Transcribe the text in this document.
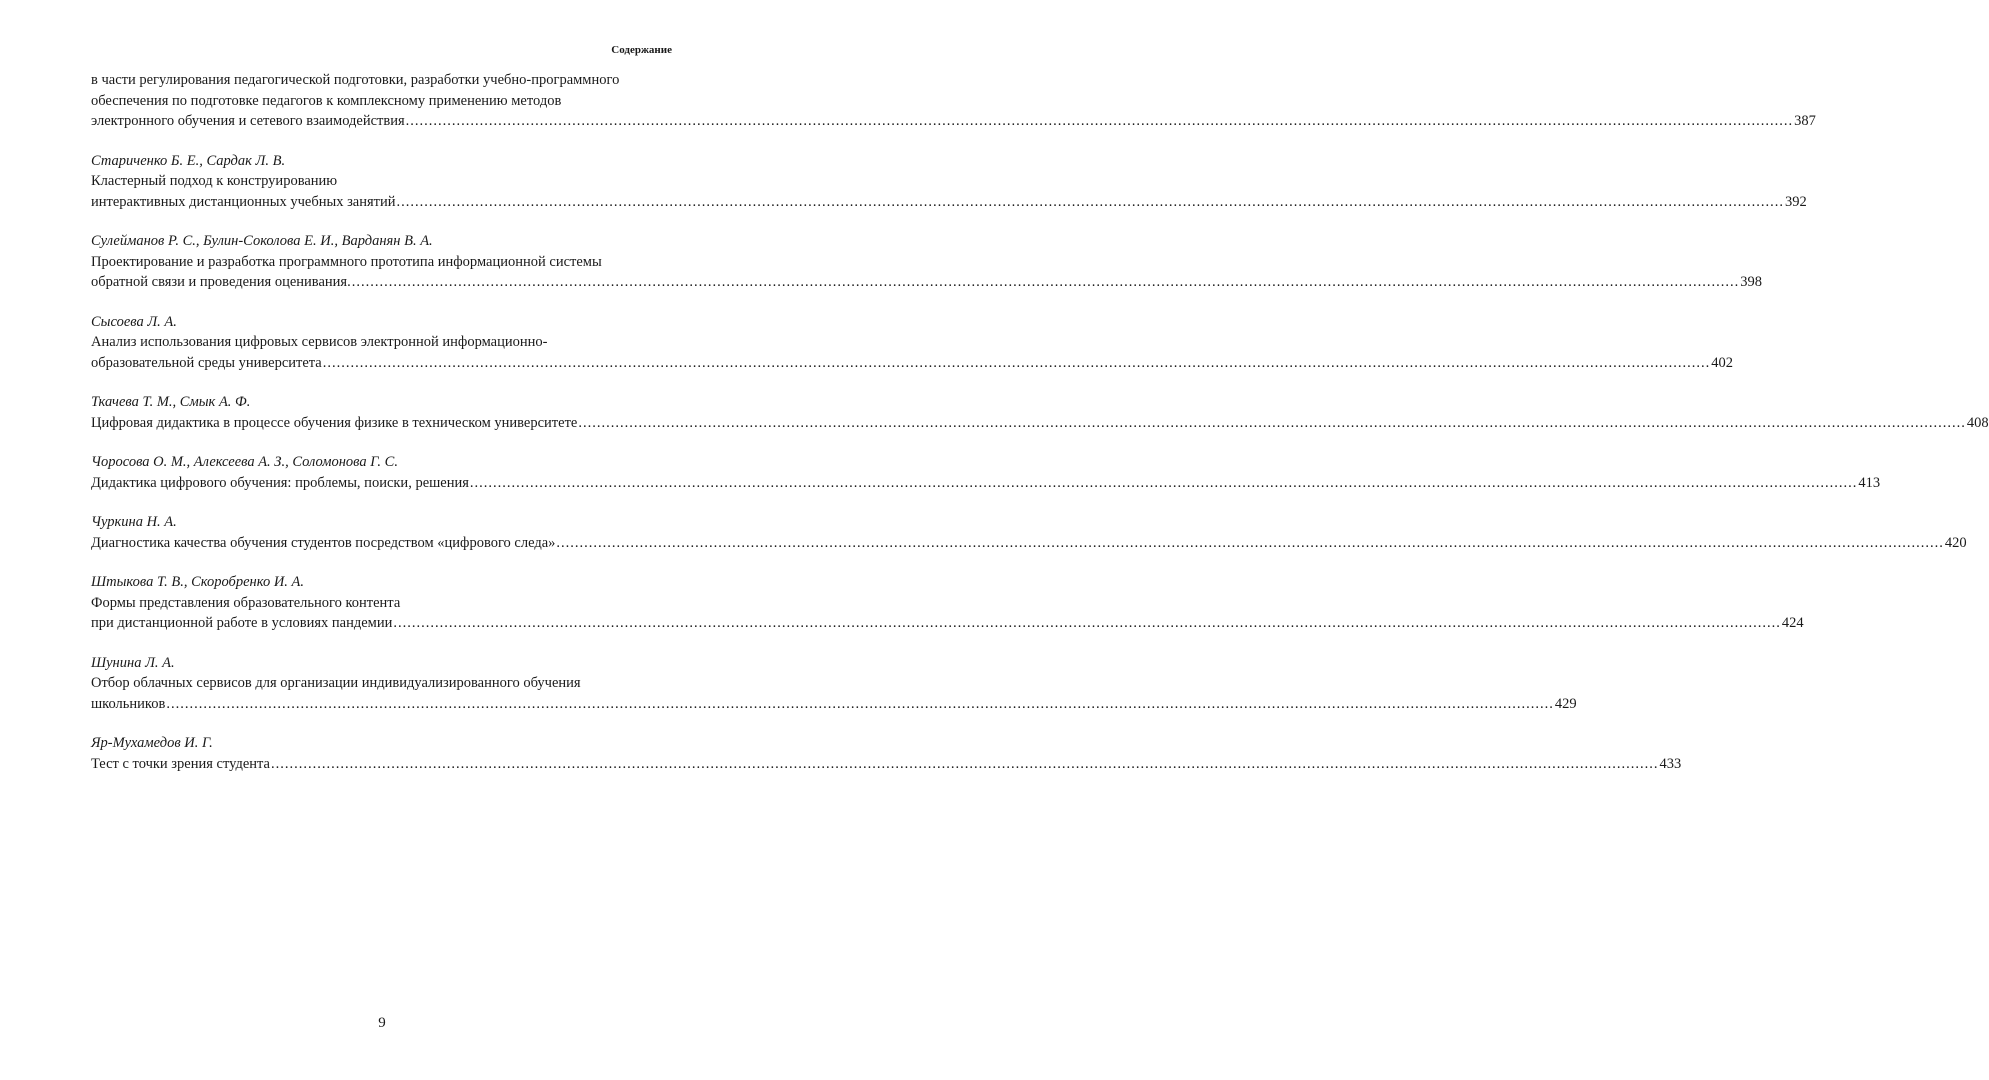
Содержание
в части регулирования педагогической подготовки, разработки учебно-программного
обеспечения по подготовке педагогов к комплексному применению методов
электронного обучения и сетевого взаимодействия ............................................................................................................................................................................................................................................................................................................ 387
Стариченко Б. Е., Сардак Л. В.
Кластерный подход к конструированию
интерактивных дистанционных учебных занятий ............................................................................................................................................................................................................................................................................................................ 392
Сулейманов Р. С., Булин-Соколова Е. И., Варданян В. А.
Проектирование и разработка программного прототипа информационной системы
обратной связи и проведения оценивания. ............................................................................................................................................................................................................................................................................................................ 398
Сысоева Л. А.
Анализ использования цифровых сервисов электронной информационно-
образовательной среды университета ............................................................................................................................................................................................................................................................................................................ 402
Ткачева Т. М., Смык А. Ф.
Цифровая дидактика в процессе обучения физике в техническом университете ............................................................................................................................................................................................................................................................................................................ 408
Чоросова О. М., Алексеева А. З., Соломонова Г. С.
Дидактика цифрового обучения: проблемы, поиски, решения ............................................................................................................................................................................................................................................................................................................ 413
Чуркина Н. А.
Диагностика качества обучения студентов посредством «цифрового следа» ............................................................................................................................................................................................................................................................................................................ 420
Штыкова Т. В., Скоробренко И. А.
Формы представления образовательного контента
при дистанционной работе в условиях пандемии ............................................................................................................................................................................................................................................................................................................ 424
Шунина Л. А.
Отбор облачных сервисов для организации индивидуализированного обучения
школьников ............................................................................................................................................................................................................................................................................................................ 429
Яр-Мухамедов И. Г.
Тест с точки зрения студента ............................................................................................................................................................................................................................................................................................................ 433
9
